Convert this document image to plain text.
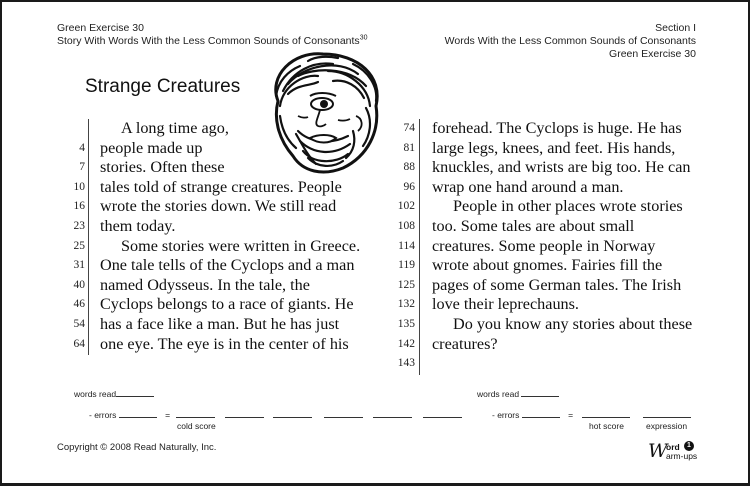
Green Exercise 30
Story With Words With the Less Common Sounds of Consonants$^{30}$
Section I
Words With the Less Common Sounds of Consonants
Green Exercise 30
Strange Creatures
A long time ago,
4 people made up
7 stories. Often these
10 tales told of strange creatures. People
16 wrote the stories down. We still read
23 them today.
25	Some stories were written in Greece.
31 One tale tells of the Cyclops and a man
40 named Odysseus. In the tale, the
46 Cyclops belongs to a race of giants. He
54 has a face like a man. But he has just
64 one eye. The eye is in the center of his
74 forehead. The Cyclops is huge. He has
81 large legs, knees, and feet. His hands,
88 knuckles, and wrists are big too. He can
96 wrap one hand around a man.
102	People in other places wrote stories
108 too. Some tales are about small
114 creatures. Some people in Norway
119 wrote about gnomes. Fairies fill the
125 pages of some German tales. The Irish
132 love their leprechauns.
135	Do you know any stories about these
142 creatures?
143
words read
- errors	=
cold score
words read
- errors	=
hot score	expression
Copyright © 2008 Read Naturally, Inc.	W
ord	1
arm-ups
